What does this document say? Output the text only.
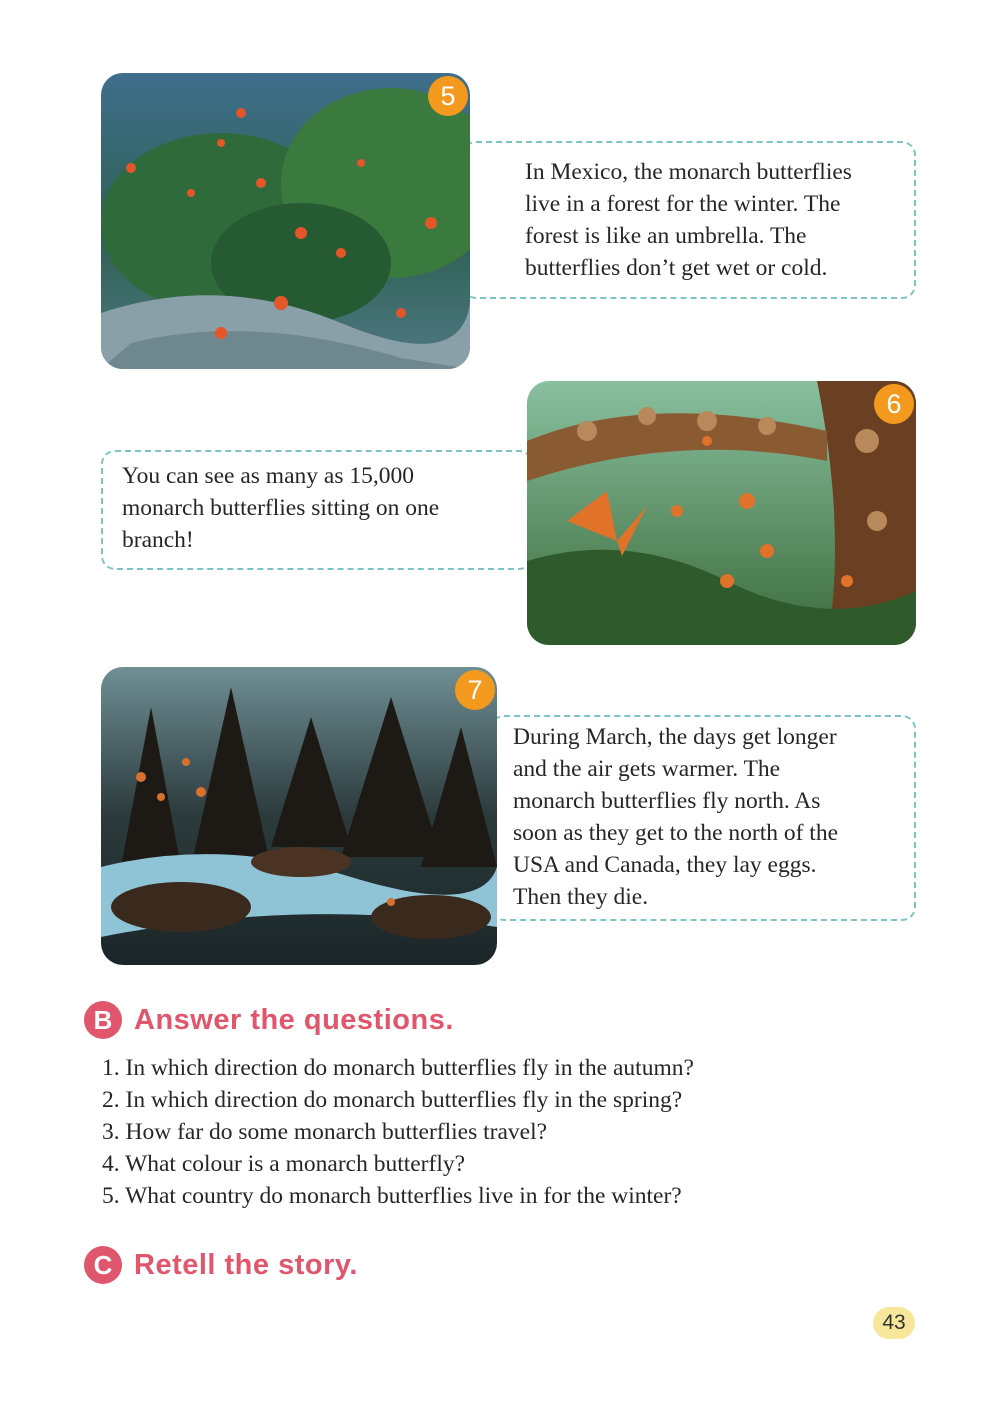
5
In Mexico, the monarch butterflies
live in a forest for the winter. The
forest is like an umbrella. The
butterflies don’t get wet or cold.
6
You can see as many as 15,000
monarch butterflies sitting on one
branch!
7
During March, the days get longer
and the air gets warmer. The
monarch butterflies fly north. As
soon as they get to the north of the
USA and Canada, they lay eggs.
Then they die.
B Answer the questions.
1. In which direction do monarch butterflies fly in the autumn?
2. In which direction do monarch butterflies fly in the spring?
3. How far do some monarch butterflies travel?
4. What colour is a monarch butterfly?
5. What country do monarch butterflies live in for the winter?
C Retell the story.
43
